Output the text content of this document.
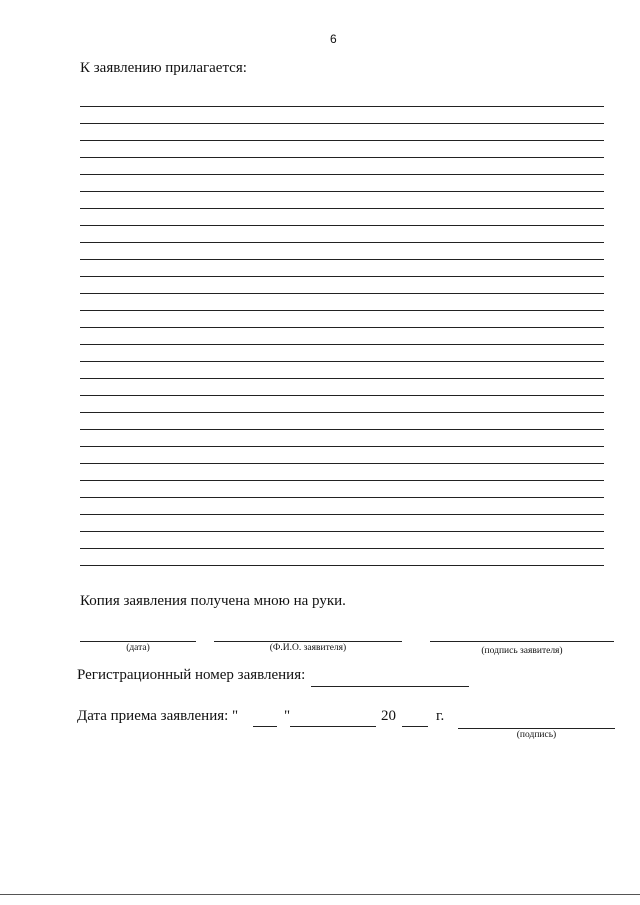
6
К заявлению прилагается:
Копия заявления получена мною на руки.
(дата)	(Ф.И.О. заявителя)	(подпись заявителя)
Регистрационный номер заявления:
Дата приема заявления: "	"	20	г.
(подпись)
